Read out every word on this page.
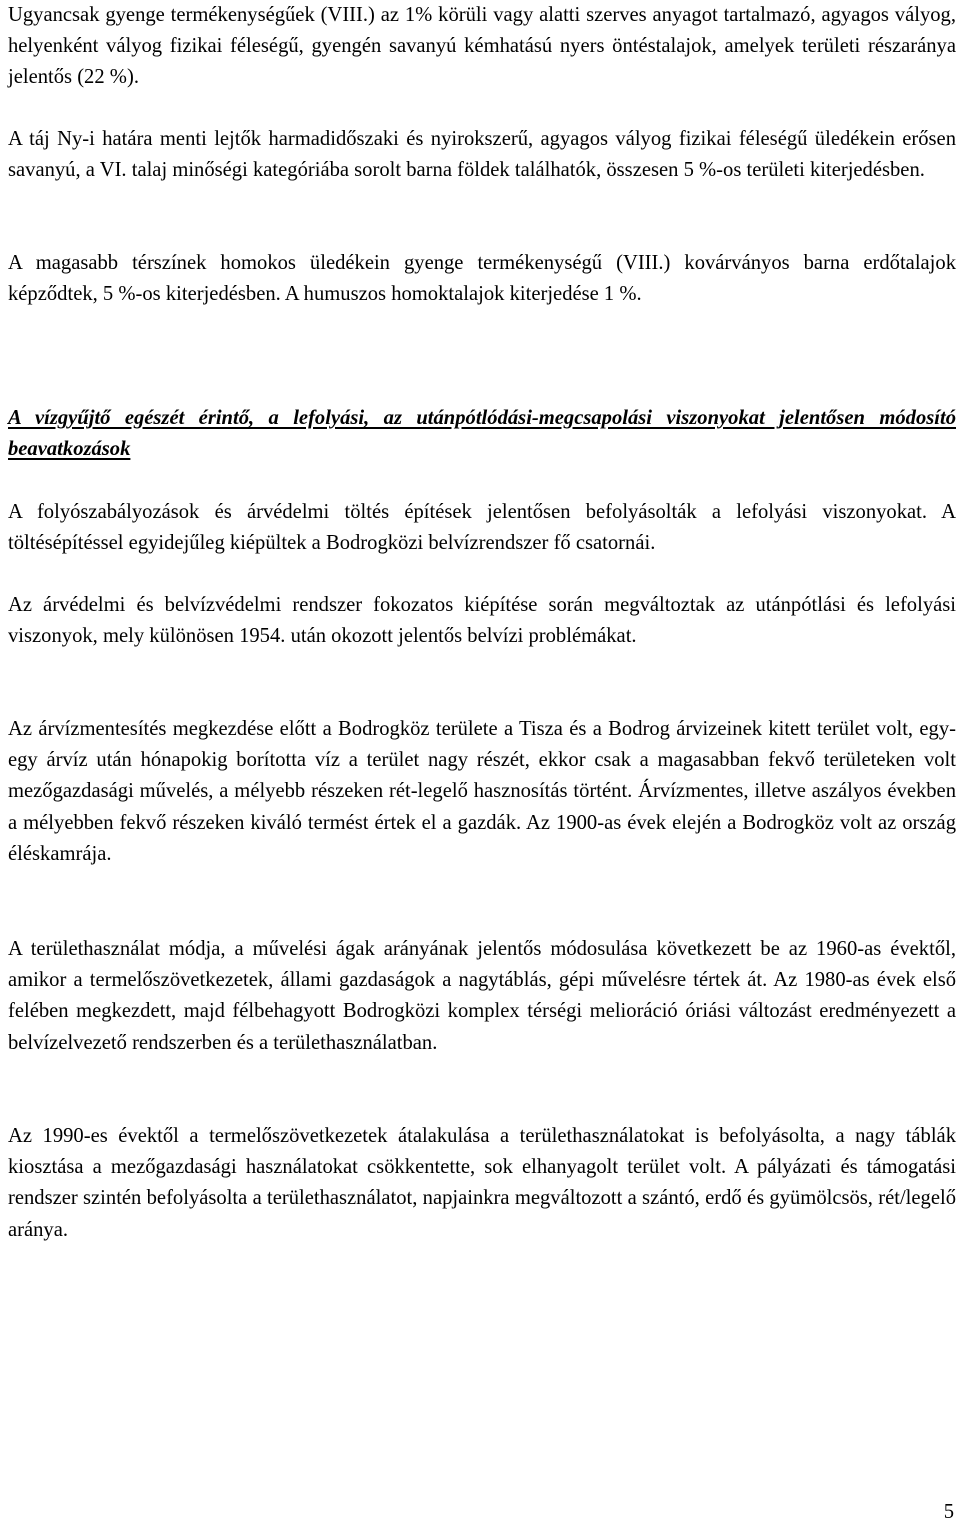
Ugyancsak gyenge termékenységűek (VIII.) az 1% körüli vagy alatti szerves anyagot tartalmazó, agyagos vályog, helyenként vályog fizikai féleségű, gyengén savanyú kémhatású nyers öntéstalajok, amelyek területi részaránya jelentős (22 %).

A táj Ny-i határa menti lejtők harmadidőszaki és nyirokszerű, agyagos vályog fizikai féleségű üledékein erősen savanyú, a VI. talaj minőségi kategóriába sorolt barna földek találhatók, összesen 5 %-os területi kiterjedésben.

A magasabb térszínek homokos üledékein gyenge termékenységű (VIII.) kovárványos barna erdőtalajok képződtek, 5 %-os kiterjedésben. A humuszos homoktalajok kiterjedése 1 %.

A vízgyűjtő egészét érintő, a lefolyási, az utánpótlódási-megcsapolási viszonyokat jelentősen módosító beavatkozások

A folyószabályozások és árvédelmi töltés építések jelentősen befolyásolták a lefolyási viszonyokat. A töltésépítéssel egyidejűleg kiépültek a Bodrogközi belvízrendszer fő csatornái.

Az árvédelmi és belvízvédelmi rendszer fokozatos kiépítése során megváltoztak az utánpótlási és lefolyási viszonyok, mely különösen 1954. után okozott jelentős belvízi problémákat.

Az árvízmentesítés megkezdése előtt a Bodrogköz területe a Tisza és a Bodrog árvizeinek kitett terület volt, egy-egy árvíz után hónapokig borította víz a terület nagy részét, ekkor csak a magasabban fekvő területeken volt mezőgazdasági művelés, a mélyebb részeken rét-legelő hasznosítás történt. Árvízmentes, illetve aszályos években a mélyebben fekvő részeken kiváló termést értek el a gazdák. Az 1900-as évek elején a Bodrogköz volt az ország éléskamrája.

A területhasználat módja, a művelési ágak arányának jelentős módosulása következett be az 1960-as évektől, amikor a termelőszövetkezetek, állami gazdaságok a nagytáblás, gépi művelésre tértek át. Az 1980-as évek első felében megkezdett, majd félbehagyott Bodrogközi komplex térségi melioráció óriási változást eredményezett a belvízelvezető rendszerben és a területhasználatban.

Az 1990-es évektől a termelőszövetkezetek átalakulása a területhasználatokat is befolyásolta, a nagy táblák kiosztása a mezőgazdasági használatokat csökkentette, sok elhanyagolt terület volt. A pályázati és támogatási rendszer szintén befolyásolta a területhasználatot, napjainkra megváltozott a szántó, erdő és gyümölcsös, rét/legelő aránya.

5
